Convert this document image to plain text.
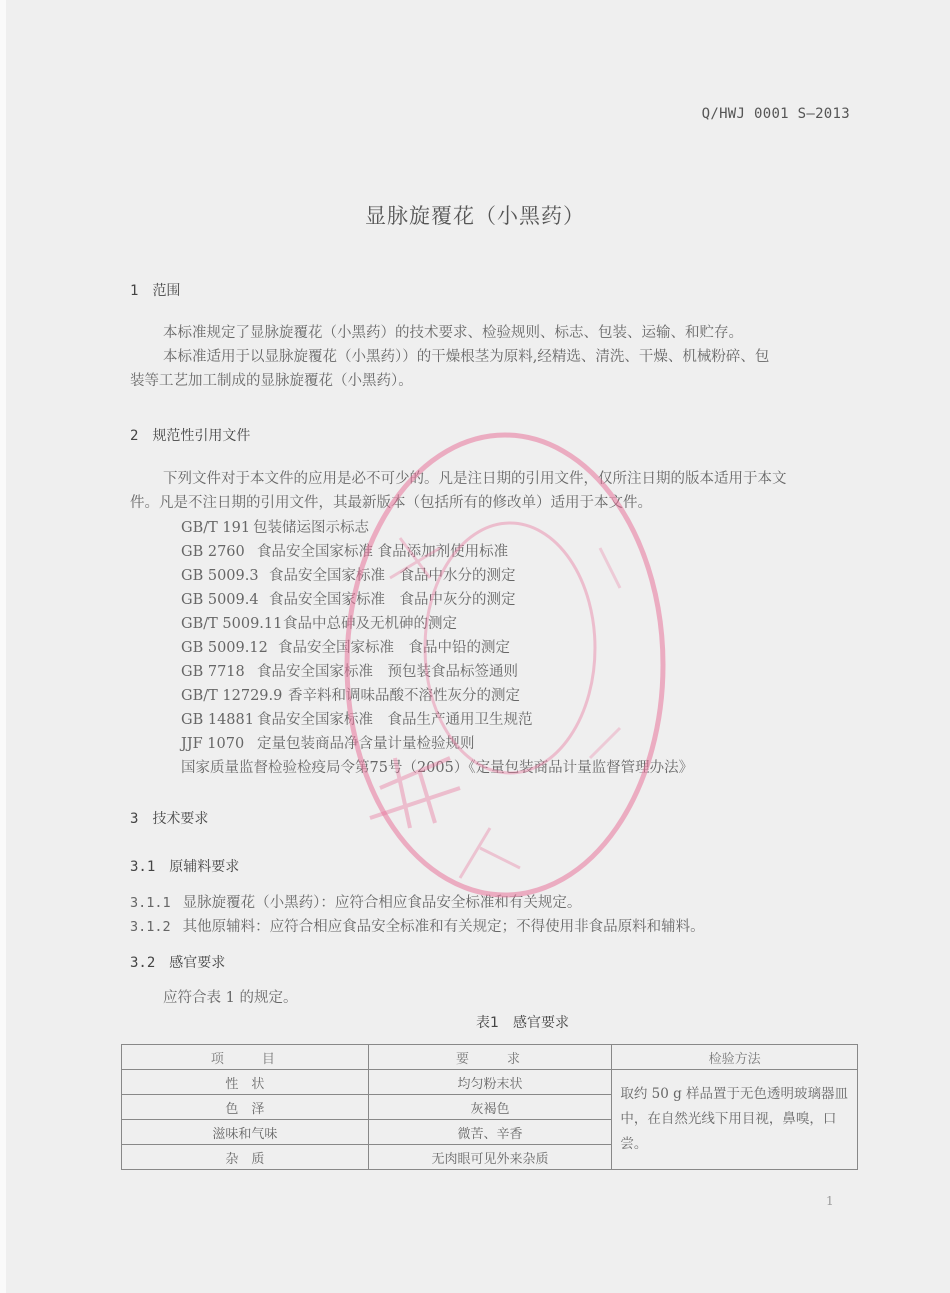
Q/HWJ 0001 S—2013
显脉旋覆花（小黑药）
1 范围
本标准规定了显脉旋覆花（小黑药）的技术要求、检验规则、标志、包装、运输、和贮存。
本标准适用于以显脉旋覆花（小黑药））的干燥根茎为原料,经精选、清洗、干燥、机械粉碎、包
装等工艺加工制成的显脉旋覆花（小黑药）。
2 规范性引用文件
下列文件对于本文件的应用是必不可少的。凡是注日期的引用文件，仅所注日期的版本适用于本文
件。凡是不注日期的引用文件，其最新版本（包括所有的修改单）适用于本文件。
GB/T 191 包装储运图示标志
GB 2760 食品安全国家标准 食品添加剂使用标准
GB 5009.3 食品安全国家标准　食品中水分的测定
GB 5009.4 食品安全国家标准　食品中灰分的测定
GB/T 5009.11食品中总砷及无机砷的测定
GB 5009.12 食品安全国家标准　食品中铅的测定
GB 7718 食品安全国家标准　预包装食品标签通则
GB/T 12729.9 香辛料和调味品酸不溶性灰分的测定
GB 14881 食品安全国家标准　食品生产通用卫生规范
JJF 1070 定量包装商品净含量计量检验规则
国家质量监督检验检疫局令第75号（2005）《定量包装商品计量监督管理办法》
3 技术要求
3.1 原辅料要求
3.1.1 显脉旋覆花（小黑药）：应符合相应食品安全标准和有关规定。
3.1.2 其他原辅料：应符合相应食品安全标准和有关规定；不得使用非食品原料和辅料。
3.2 感官要求
应符合表 1 的规定。
表1 感官要求
项　　目	要　　求	检验方法
性　状	均匀粉末状	取约 50 g 样品置于无色透明玻璃器皿中，在自然光线下用目视，鼻嗅，口尝。
色　泽	灰褐色	
滋味和气味	微苦、辛香	
杂　质	无肉眼可见外来杂质	
1
